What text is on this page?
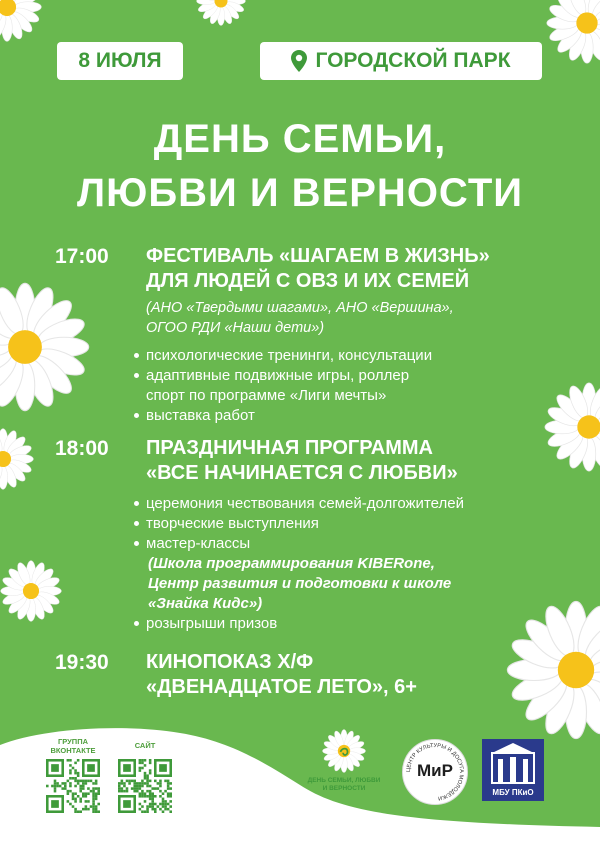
8 ИЮЛЯ	ГОРОДСКОЙ ПАРК
ДЕНЬ СЕМЬИ,
ЛЮБВИ И ВЕРНОСТИ
17:00 ФЕСТИВАЛЬ «ШАГАЕМ В ЖИЗНЬ»
ДЛЯ ЛЮДЕЙ С ОВЗ И ИХ СЕМЕЙ
(АНО «Твердыми шагами», АНО «Вершина»,
ОГОО РДИ «Наши дети»)
психологические тренинги, консультации
адаптивные подвижные игры, роллер
спорт по программе «Лиги мечты»
выставка работ
18:00 ПРАЗДНИЧНАЯ ПРОГРАММА
«ВСЕ НАЧИНАЕТСЯ С ЛЮБВИ»
церемония чествования семей-долгожителей
творческие выступления
мастер-классы
(Школа программирования KIBERone,
Центр развития и подготовки к школе
«Знайка Кидс»)
розыгрыши призов
19:30 КИНОПОКАЗ Х/Ф
«ДВЕНАДЦАТОЕ ЛЕТО», 6+
ГРУППА
ВКОНТАКТЕ
САЙТ
ДЕНЬ СЕМЬИ, ЛЮБВИ
И ВЕРНОСТИ
ЦЕНТР КУЛЬТУРЫ И ДОСУГА МОЛОДЕЖИ
МиР
МБУ ПКиО
